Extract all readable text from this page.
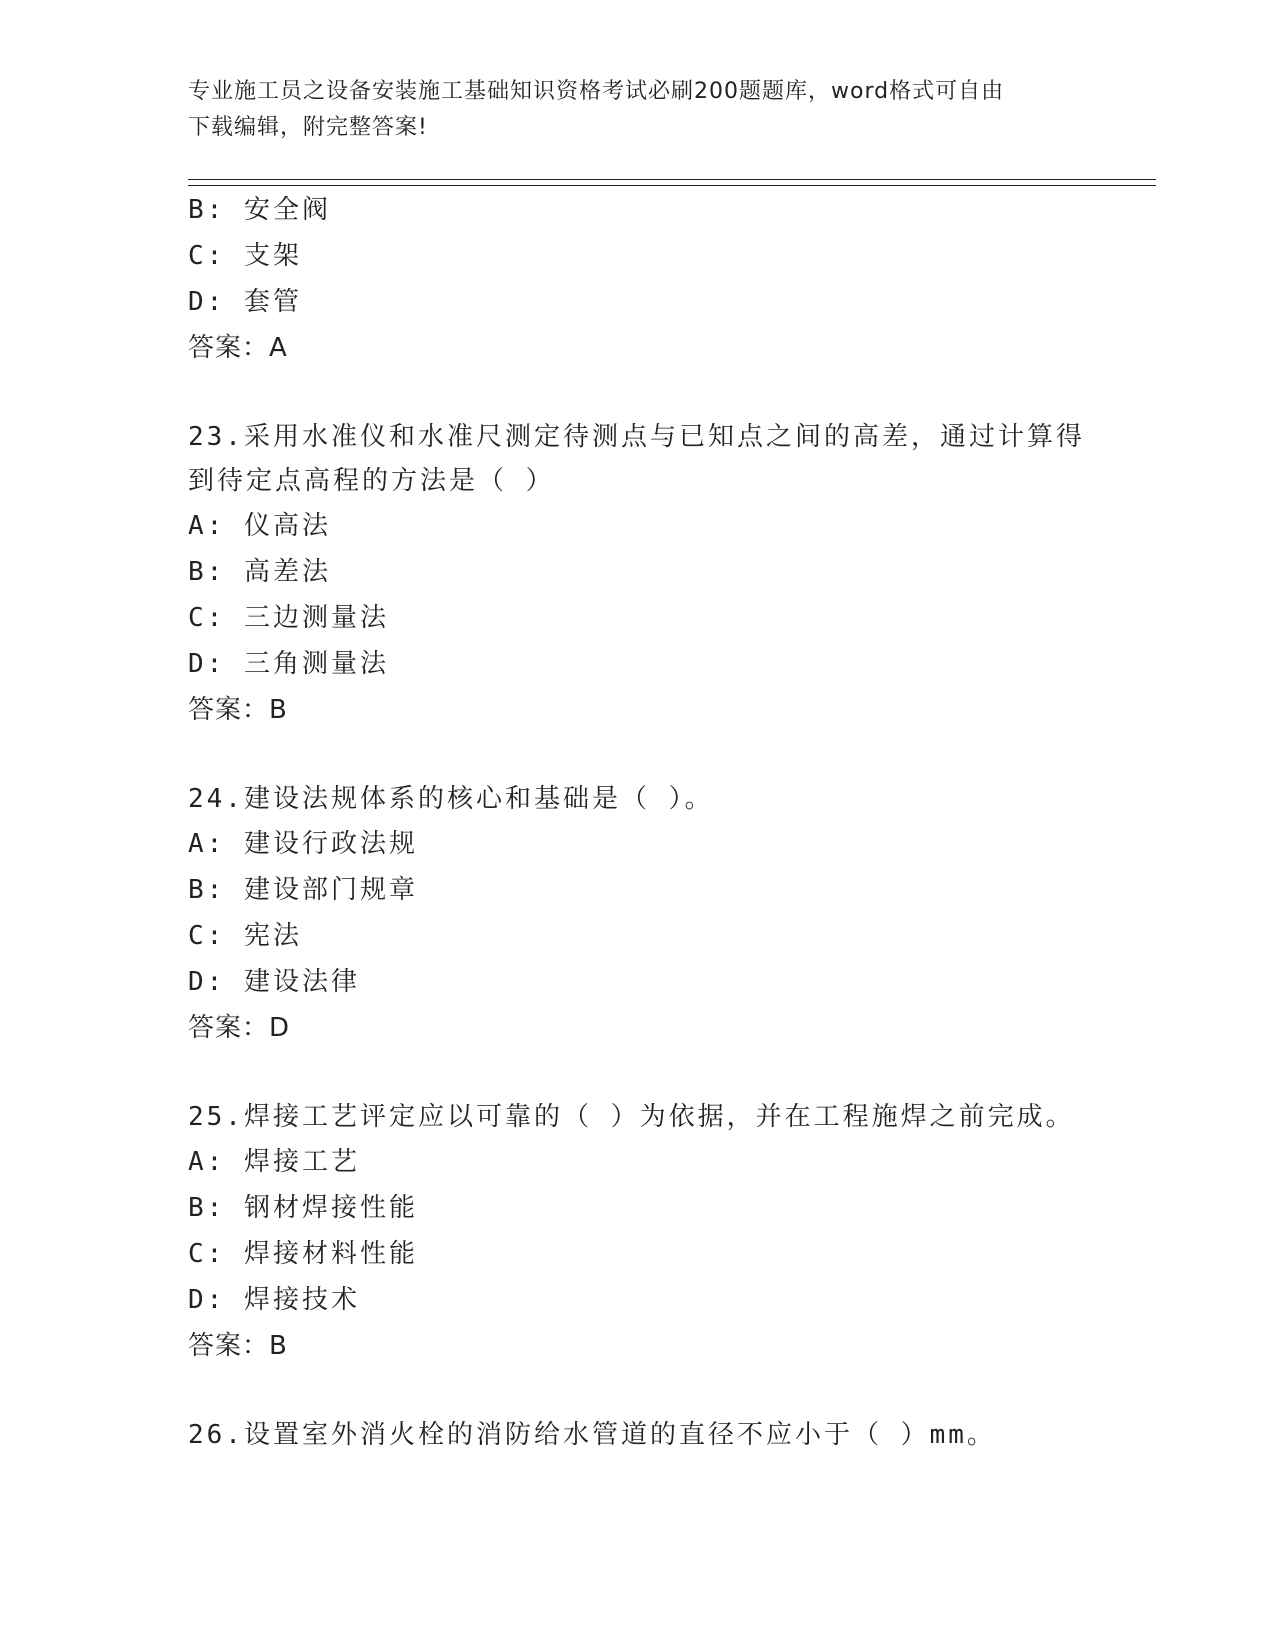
专业施工员之设备安装施工基础知识资格考试必刷200题题库，word格式可自由
下载编辑，附完整答案!
B: 安全阀
C: 支架
D: 套管
答案：A
23.采用水准仪和水准尺测定待测点与已知点之间的高差，通过计算得
到待定点高程的方法是（ ）
A: 仪高法
B: 高差法
C: 三边测量法
D: 三角测量法
答案：B
24.建设法规体系的核心和基础是（ ）。
A: 建设行政法规
B: 建设部门规章
C: 宪法
D: 建设法律
答案：D
25.焊接工艺评定应以可靠的（ ）为依据，并在工程施焊之前完成。
A: 焊接工艺
B: 钢材焊接性能
C: 焊接材料性能
D: 焊接技术
答案：B
26.设置室外消火栓的消防给水管道的直径不应小于（ ）mm。
